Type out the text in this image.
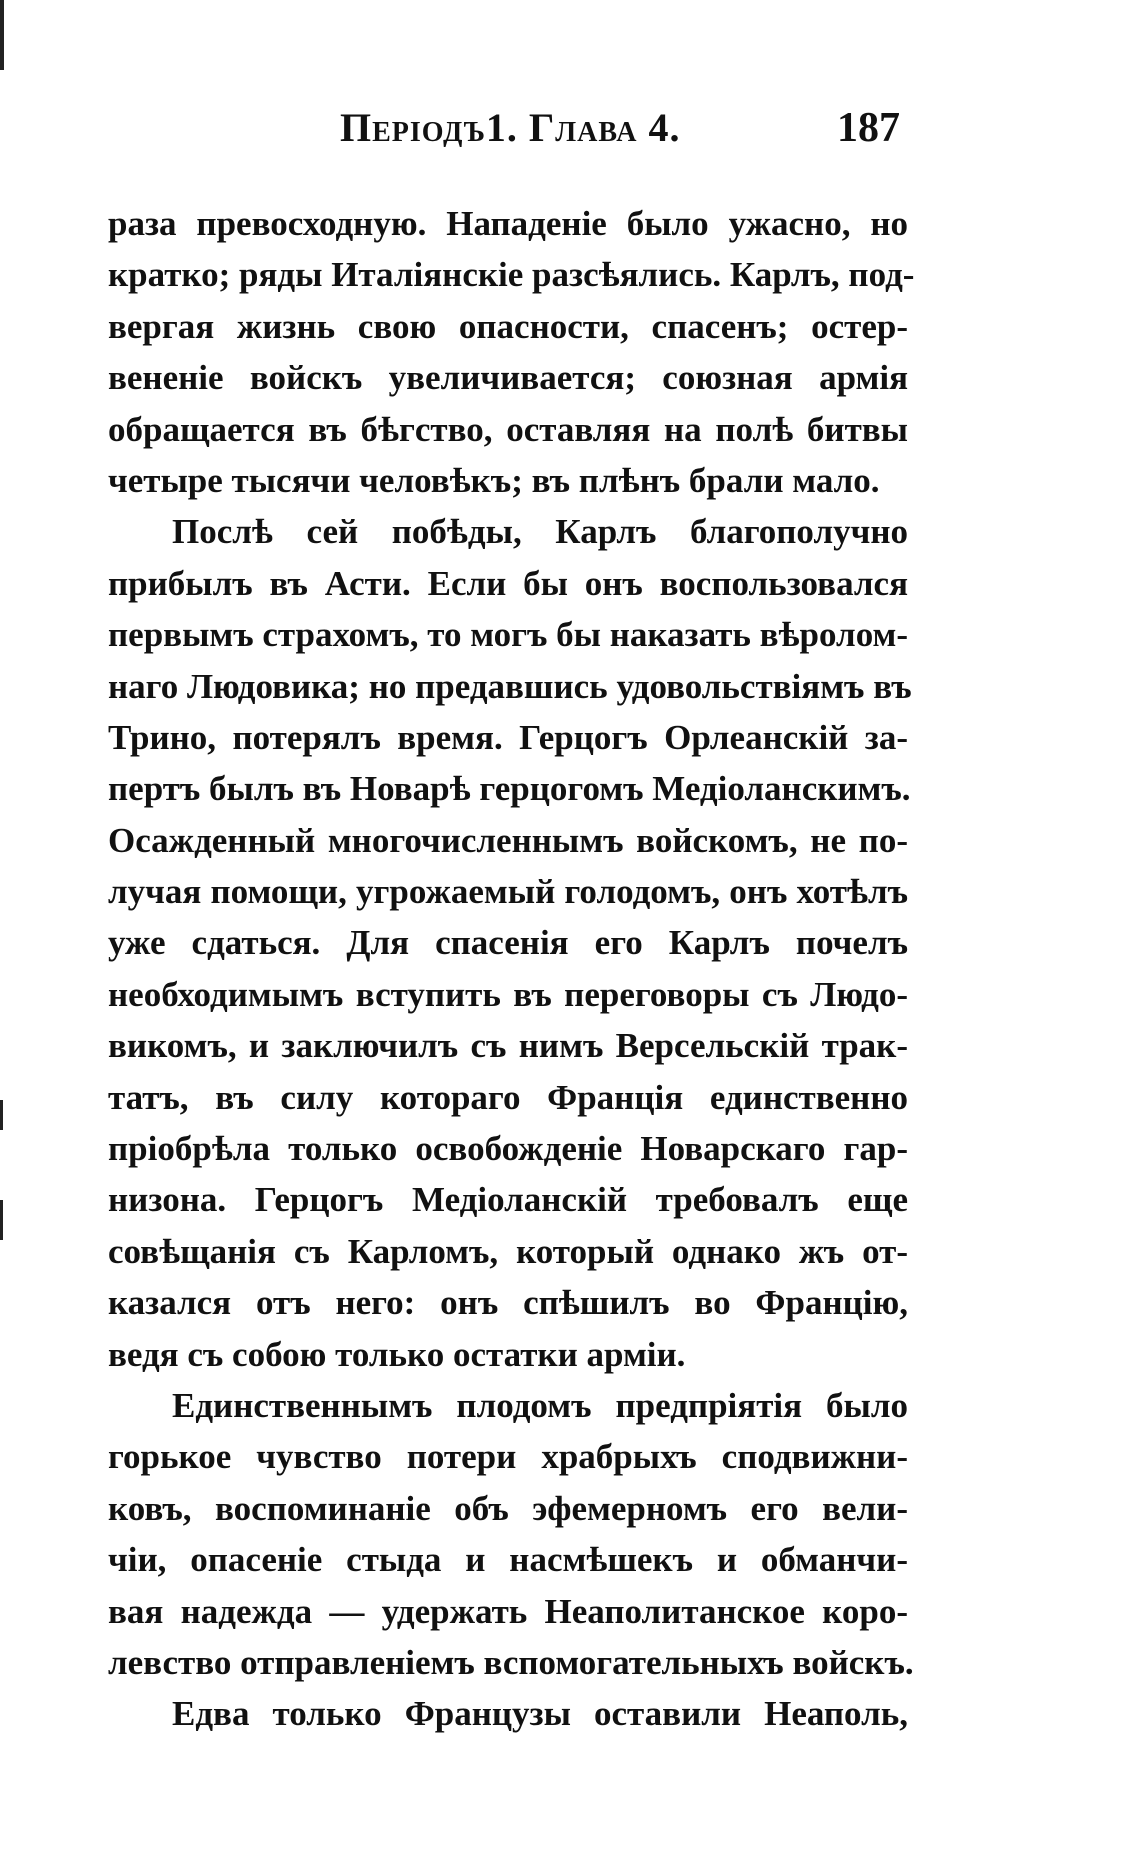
Періодъ1. Глава 4.	187
раза превосходную. Нападеніе было ужасно, но
кратко; ряды Италіянскіе разсѣялись. Карлъ, под-
вергая жизнь свою опасности, спасенъ; остер-
вененіе войскъ увеличивается; союзная армія
обращается въ бѣгство, оставляя на полѣ битвы
четыре тысячи человѣкъ; въ плѣнъ брали мало.
Послѣ сей побѣды, Карлъ благополучно
прибылъ въ Асти. Если бы онъ воспользовался
первымъ страхомъ, то могъ бы наказать вѣролом-
наго Людовика; но предавшись удовольствіямъ въ
Трино, потерялъ время. Герцогъ Орлеанскій за-
пертъ былъ въ Новарѣ герцогомъ Медіоланскимъ.
Осажденный многочисленнымъ войскомъ, не по-
лучая помощи, угрожаемый голодомъ, онъ хотѣлъ
уже сдаться. Для спасенія его Карлъ почелъ
необходимымъ вступить въ переговоры съ Людо-
викомъ, и заключилъ съ нимъ Версельскій трак-
татъ, въ силу котораго Франція единственно
пріобрѣла только освобожденіе Новарскаго гар-
низона. Герцогъ Медіоланскій требовалъ еще
совѣщанія съ Карломъ, который однако жъ от-
казался отъ него: онъ спѣшилъ во Францію,
ведя съ собою только остатки арміи.
Единственнымъ плодомъ предпріятія было
горькое чувство потери храбрыхъ сподвижни-
ковъ, воспоминаніе объ эфемерномъ его вели-
чіи, опасеніе стыда и насмѣшекъ и обманчи-
вая надежда — удержать Неаполитанское коро-
левство отправленіемъ вспомогательныхъ войскъ.
Едва только Французы оставили Неаполь,
